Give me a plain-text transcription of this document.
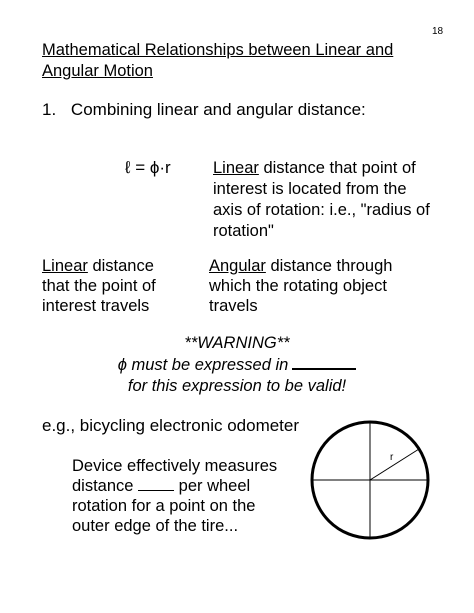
18
Mathematical Relationships between Linear and
Angular Motion
1. Combining linear and angular distance:
ℓ = ϕ·r	Linear distance that point of
interest is located from the
axis of rotation: i.e., "radius of
rotation"
Linear distance
that the point of
interest travels
Angular distance through
which the rotating object
travels
**WARNING**
ϕ must be expressed in
for this expression to be valid!
e.g., bicycling electronic odometer
Device effectively measures
distance	per wheel
rotation for a point on the
outer edge of the tire...
r
